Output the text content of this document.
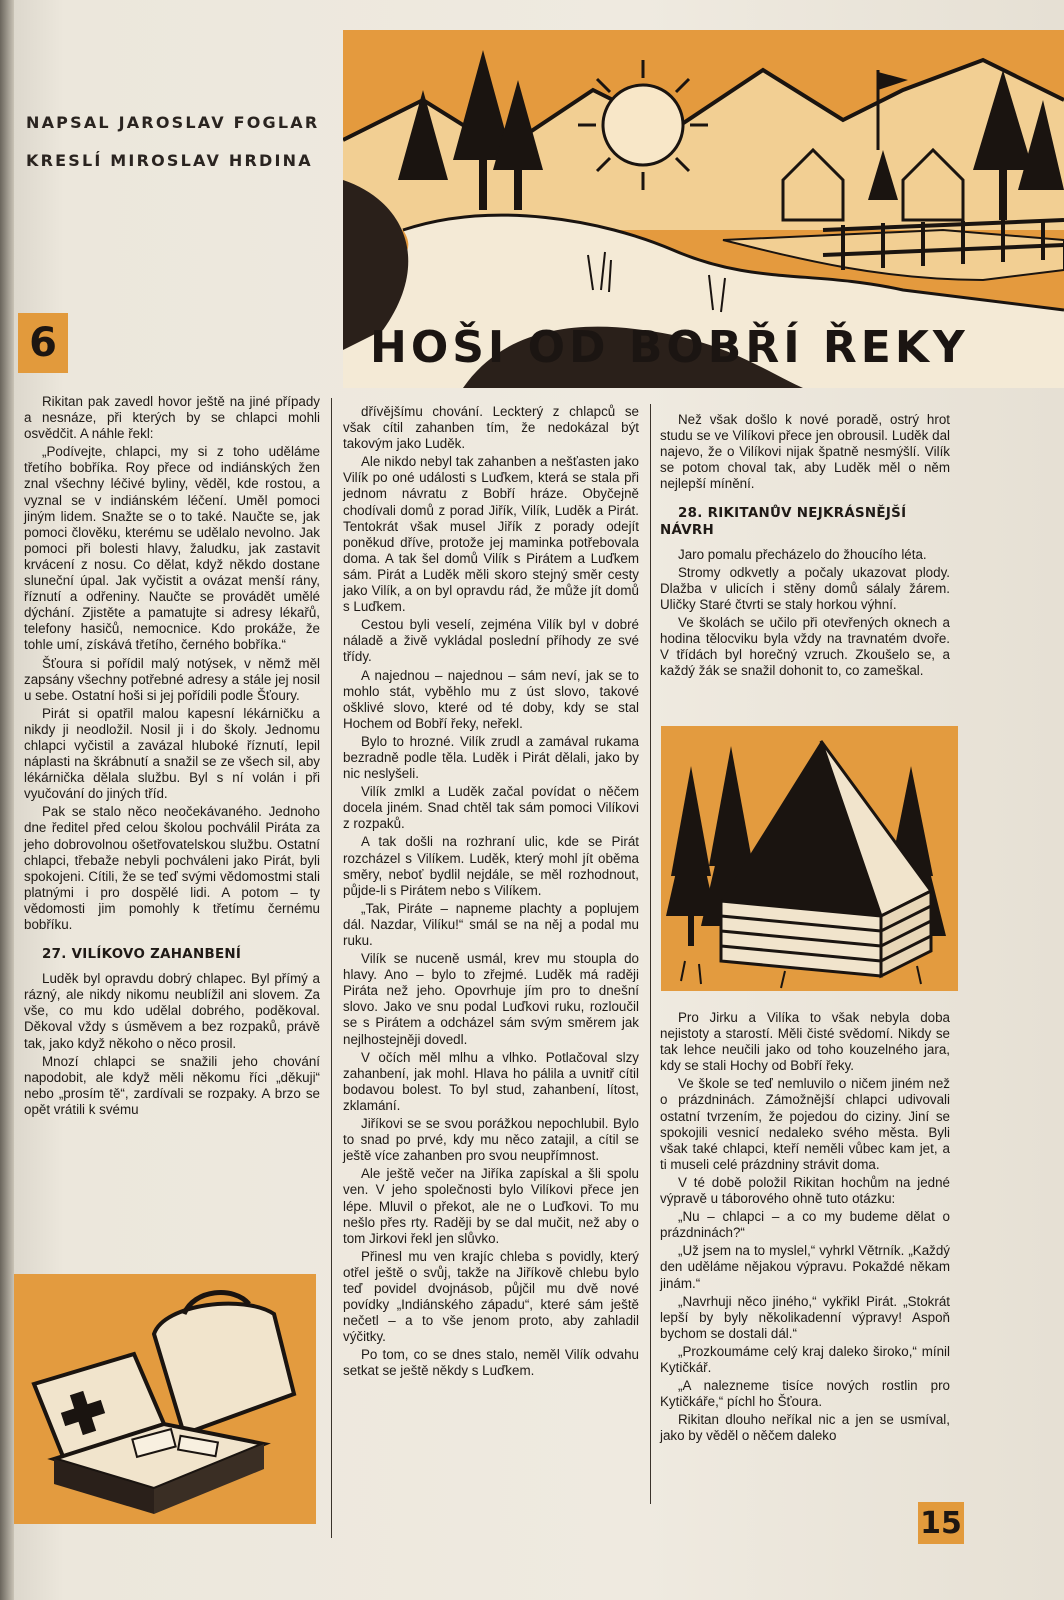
NAPSAL JAROSLAV FOGLAR
KRESLÍ MIROSLAV HRDINA
6	HOŠI OD BOBŘÍ ŘEKY

Rikitan pak zavedl hovor ještě na jiné případy a nesnáze, při kterých by se chlapci mohli osvědčit. A náhle řekl:

„Podívejte, chlapci, my si z toho uděláme třetího bobříka. Roy přece od indiánských žen znal všechny léčivé byliny, věděl, kde rostou, a vyznal se v indiánském léčení. Uměl pomoci jiným lidem. Snažte se o to také. Naučte se, jak pomoci člověku, kterému se udělalo nevolno. Jak pomoci při bolesti hlavy, žaludku, jak zastavit krvácení z nosu. Co dělat, když někdo dostane sluneční úpal. Jak vyčistit a ovázat menší rány, říznutí a odřeniny. Naučte se provádět umělé dýchání. Zjistěte a pamatujte si adresy lékařů, telefony hasičů, nemocnice. Kdo prokáže, že tohle umí, získává třetího, černého bobříka.“

Šťoura si pořídil malý notýsek, v němž měl zapsány všechny potřebné adresy a stále jej nosil u sebe. Ostatní hoši si jej pořídili podle Šťoury.

Pirát si opatřil malou kapesní lékárničku a nikdy ji neodložil. Nosil ji i do školy. Jednomu chlapci vyčistil a zavázal hluboké říznutí, lepil náplasti na škrábnutí a snažil se ze všech sil, aby lékárnička dělala službu. Byl s ní volán i při vyučování do jiných tříd.

Pak se stalo něco neočekávaného. Jednoho dne ředitel před celou školou pochválil Piráta za jeho dobrovolnou ošetřovatelskou službu. Ostatní chlapci, třebaže nebyli pochváleni jako Pirát, byli spokojeni. Cítili, že se teď svými vědomostmi stali platnými i pro dospělé lidi. A potom – ty vědomosti jim pomohly k třetímu černému bobříku.

27. VILÍKOVO ZAHANBENÍ

Luděk byl opravdu dobrý chlapec. Byl přímý a rázný, ale nikdy nikomu neublížil ani slovem. Za vše, co mu kdo udělal dobrého, poděkoval. Děkoval vždy s úsměvem a bez rozpaků, právě tak, jako když někoho o něco prosil.

Mnozí chlapci se snažili jeho chování napodobit, ale když měli někomu říci „děkuji“ nebo „prosím tě“, zardívali se rozpaky. A brzo se opět vrátili k svému

dřívějšímu chování. Leckterý z chlapců se však cítil zahanben tím, že nedokázal být takovým jako Luděk.

Ale nikdo nebyl tak zahanben a nešťasten jako Vilík po oné události s Luďkem, která se stala při jednom návratu z Bobří hráze. Obyčejně chodívali domů z porad Jiřík, Vilík, Luděk a Pirát. Tentokrát však musel Jiřík z porady odejít poněkud dříve, protože jej maminka potřebovala doma. A tak šel domů Vilík s Pirátem a Luďkem sám. Pirát a Luděk měli skoro stejný směr cesty jako Vilík, a on byl opravdu rád, že může jít domů s Luďkem.

Cestou byli veselí, zejména Vilík byl v dobré náladě a živě vykládal poslední příhody ze své třídy.

A najednou – najednou – sám neví, jak se to mohlo stát, vyběhlo mu z úst slovo, takové ošklivé slovo, které od té doby, kdy se stal Hochem od Bobří řeky, neřekl.

Bylo to hrozné. Vilík zrudl a zamával rukama bezradně podle těla. Luděk i Pirát dělali, jako by nic neslyšeli.

Vilík zmlkl a Luděk začal povídat o něčem docela jiném. Snad chtěl tak sám pomoci Vilíkovi z rozpaků.

A tak došli na rozhraní ulic, kde se Pirát rozcházel s Vilíkem. Luděk, který mohl jít oběma směry, neboť bydlil nejdále, se měl rozhodnout, půjde-li s Pirátem nebo s Vilíkem.

„Tak, Piráte – napneme plachty a poplujem dál. Nazdar, Vilíku!“ smál se na něj a podal mu ruku.

Vilík se nuceně usmál, krev mu stoupla do hlavy. Ano – bylo to zřejmé. Luděk má raději Piráta než jeho. Opovrhuje jím pro to dnešní slovo. Jako ve snu podal Luďkovi ruku, rozloučil se s Pirátem a odcházel sám svým směrem jak nejlhostejněji dovedl.

V očích měl mlhu a vlhko. Potlačoval slzy zahanbení, jak mohl. Hlava ho pálila a uvnitř cítil bodavou bolest. To byl stud, zahanbení, lítost, zklamání.

Jiříkovi se se svou porážkou nepochlubil. Bylo to snad po prvé, kdy mu něco zatajil, a cítil se ještě více zahanben pro svou neupřímnost.

Ale ještě večer na Jiříka zapískal a šli spolu ven. V jeho společnosti bylo Vilíkovi přece jen lépe. Mluvil o překot, ale ne o Luďkovi. To mu nešlo přes rty. Raději by se dal mučit, než aby o tom Jirkovi řekl jen slůvko.

Přinesl mu ven krajíc chleba s povidly, který otřel ještě o svůj, takže na Jiříkově chlebu bylo teď povidel dvojnásob, půjčil mu dvě nové povídky „Indiánského západu“, které sám ještě nečetl – a to vše jenom proto, aby zahladil výčitky.

Po tom, co se dnes stalo, neměl Vilík odvahu setkat se ještě někdy s Luďkem.

Než však došlo k nové poradě, ostrý hrot studu se ve Vilíkovi přece jen obrousil. Luděk dal najevo, že o Vilíkovi nijak špatně nesmýšlí. Vilík se potom choval tak, aby Luděk měl o něm nejlepší mínění.

28. RIKITANŮV NEJKRÁSNĚJŠÍ NÁVRH

Jaro pomalu přecházelo do žhoucího léta.

Stromy odkvetly a počaly ukazovat plody. Dlažba v ulicích i stěny domů sálaly žárem. Uličky Staré čtvrti se staly horkou výhní.

Ve školách se učilo při otevřených oknech a hodina tělocviku byla vždy na travnatém dvoře. V třídách byl horečný vzruch. Zkoušelo se, a každý žák se snažil dohonit to, co zameškal.

Pro Jirku a Vilíka to však nebyla doba nejistoty a starostí. Měli čisté svědomí. Nikdy se tak lehce neučili jako od toho kouzelného jara, kdy se stali Hochy od Bobří řeky.

Ve škole se teď nemluvilo o ničem jiném než o prázdninách. Zámožnější chlapci udivovali ostatní tvrzením, že pojedou do ciziny. Jiní se spokojili vesnicí nedaleko svého města. Byli však také chlapci, kteří neměli vůbec kam jet, a ti museli celé prázdniny strávit doma.

V té době položil Rikitan hochům na jedné výpravě u táborového ohně tuto otázku:

„Nu – chlapci – a co my budeme dělat o prázdninách?“

„Už jsem na to myslel,“ vyhrkl Větrník. „Každý den uděláme nějakou výpravu. Pokaždé někam jinám.“

„Navrhuji něco jiného,“ vykřikl Pirát. „Stokrát lepší by byly několikadenní výpravy! Aspoň bychom se dostali dál.“

„Prozkoumáme celý kraj daleko široko,“ mínil Kytičkář.

„A nalezneme tisíce nových rostlin pro Kytičkáře,“ píchl ho Šťoura.

Rikitan dlouho neříkal nic a jen se usmíval, jako by věděl o něčem daleko

15
